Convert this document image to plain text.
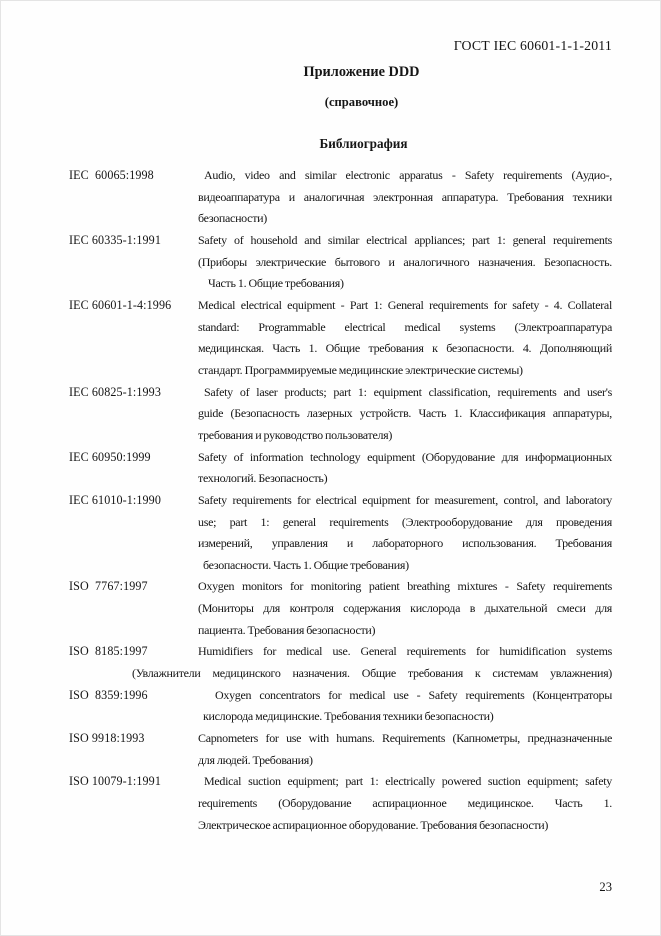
ГОСТ IEC 60601-1-1-2011
Приложение DDD
(справочное)
Библиография
IEC  60065:1998	Audio, video and similar electronic apparatus - Safety requirements (Аудио-,
видеоаппаратура и аналогичная электронная аппаратура. Требования техники
безопасности)
IEC 60335-1:1991	Safety of household and similar electrical appliances; part 1: general requirements
(Приборы электрические бытового и аналогичного назначения. Безопасность.
Часть 1. Общие требования)
IEC 60601-1-4:1996	Medical electrical equipment - Part 1: General requirements for safety - 4. Collateral
standard: Programmable electrical medical systems (Электроаппаратура
медицинская. Часть 1. Общие требования к безопасности. 4. Дополняющий
стандарт. Программируемые медицинские электрические системы)
IEC 60825-1:1993	Safety of laser products; part 1: equipment classification, requirements and user's
guide (Безопасность лазерных устройств. Часть 1. Классификация аппаратуры,
требования и руководство пользователя)
IEC 60950:1999	Safety of information technology equipment (Оборудование для информационных
технологий. Безопасность)
IEC 61010-1:1990	Safety requirements for electrical equipment for measurement, control, and laboratory
use; part 1: general requirements (Электрооборудование для проведения
измерений, управления и лабораторного использования. Требования
безопасности. Часть 1. Общие требования)
ISO  7767:1997	Oxygen monitors for monitoring patient breathing mixtures - Safety requirements
(Мониторы для контроля содержания кислорода в дыхательной смеси для
пациента. Требования безопасности)
ISO  8185:1997	Humidifiers for medical use. General requirements for humidification systems
(Увлажнители медицинского назначения. Общие требования к системам увлажнения)
ISO  8359:1996	Oxygen concentrators for medical use - Safety requirements (Концентраторы
кислорода медицинские. Требования техники безопасности)
ISO 9918:1993	Capnometers for use with humans. Requirements (Капнометры, предназначенные
для людей. Требования)
ISO 10079-1:1991	Medical suction equipment; part 1: electrically powered suction equipment; safety
requirements (Оборудование аспирационное медицинское. Часть 1.
Электрическое аспирационное оборудование. Требования безопасности)
23
